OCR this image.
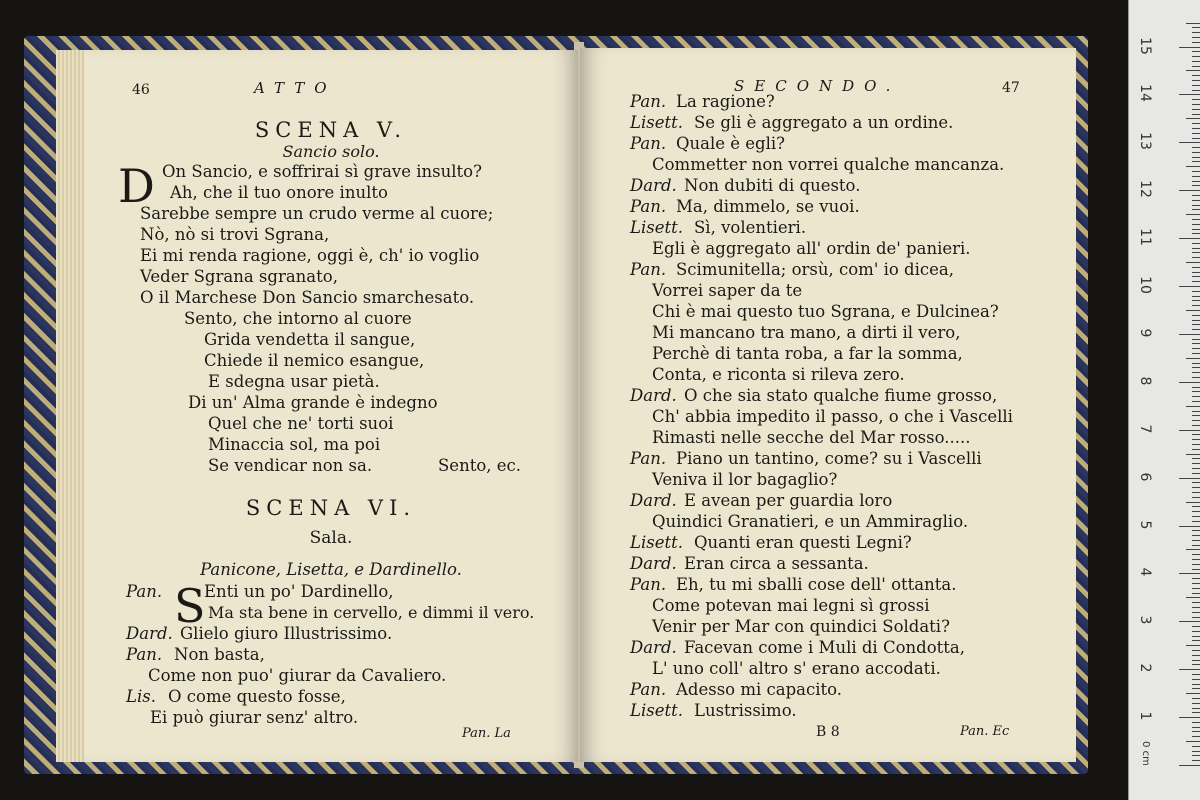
46	ATTO
SCENA V.
Sancio solo.
D On Sancio, e soffrirai sì grave insulto?
Ah, che il tuo onore inulto
Sarebbe sempre un crudo verme al cuore;
Nò, nò si trovi Sgrana,
Ei mi renda ragione, oggi è, ch' io voglio
Veder Sgrana sgranato,
O il Marchese Don Sancio smarchesato.
Sento, che intorno al cuore
Grida vendetta il sangue,
Chiede il nemico esangue,
E sdegna usar pietà.
Di un' Alma grande è indegno
Quel che ne' torti suoi
Minaccia sol, ma poi
Se vendicar non sa.	Sento, ec.
SCENA VI.
Sala.
Panicone, Lisetta, e Dardinello.
Pan. S
Enti un po' Dardinello,
Ma sta bene in cervello, e dimmi il vero.
Dard. Glielo giuro Illustrissimo.
Pan. Non basta,
Come non puo' giurar da Cavaliero.
Lis. O come questo fosse,
Ei può giurar senz' altro.
Pan. La
SECONDO.	47
Pan. La ragione?
Lisett. Se gli è aggregato a un ordine.
Pan. Quale è egli?
Commetter non vorrei qualche mancanza.
Dard. Non dubiti di questo.
Pan. Ma, dimmelo, se vuoi.
Lisett. Sì, volentieri.
Egli è aggregato all' ordin de' panieri.
Pan. Scimunitella; orsù, com' io dicea,
Vorrei saper da te
Chi è mai questo tuo Sgrana, e Dulcinea?
Mi mancano tra mano, a dirti il vero,
Perchè di tanta roba, a far la somma,
Conta, e riconta si rileva zero.
Dard. O che sia stato qualche fiume grosso,
Ch' abbia impedito il passo, o che i Vascelli
Rimasti nelle secche del Mar rosso.....
Pan. Piano un tantino, come? su i Vascelli
Veniva il lor bagaglio?
Dard. E avean per guardia loro
Quindici Granatieri, e un Ammiraglio.
Lisett. Quanti eran questi Legni?
Dard. Eran circa a sessanta.
Pan. Eh, tu mi sballi cose dell' ottanta.
Come potevan mai legni sì grossi
Venir per Mar con quindici Soldati?
Dard. Facevan come i Muli di Condotta,
L' uno coll' altro s' erano accodati.
Pan. Adesso mi capacito.
Lisett. Lustrissimo.
B 8	Pan. Ec
1
2
3
4
5
6
7
8
9
10
11
12
13
14
15
0 cm
